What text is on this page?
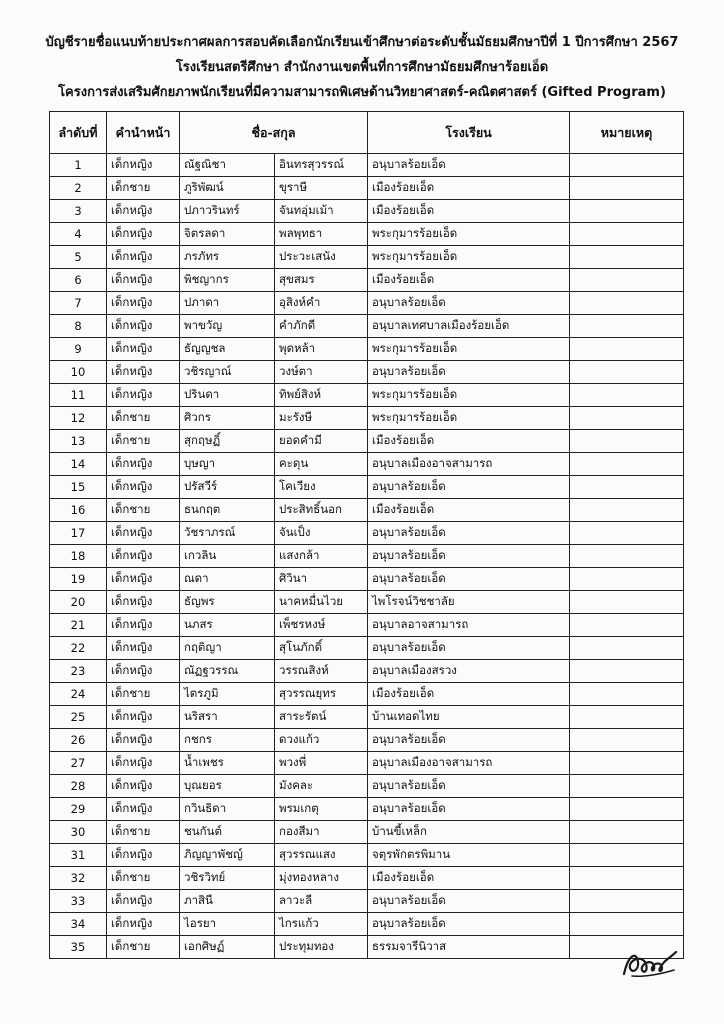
บัญชีรายชื่อแนบท้ายประกาศผลการสอบคัดเลือกนักเรียนเข้าศึกษาต่อระดับชั้นมัธยมศึกษาปีที่ 1 ปีการศึกษา 2567
โรงเรียนสตรีศึกษา สำนักงานเขตพื้นที่การศึกษามัธยมศึกษาร้อยเอ็ด
โครงการส่งเสริมศักยภาพนักเรียนที่มีความสามารถพิเศษด้านวิทยาศาสตร์-คณิตศาสตร์ (Gifted Program)
ลำดับที่	คำนำหน้า	ชื่อ-สกุล		โรงเรียน	หมายเหตุ
1	เด็กหญิง	ณัฐณิชา	อินทรสุวรรณ์	อนุบาลร้อยเอ็ด	
2	เด็กชาย	ภูริพัฒน์	ขุราษี	เมืองร้อยเอ็ด	
3	เด็กหญิง	ปภาวรินทร์	จันทอุ่มเม้า	เมืองร้อยเอ็ด	
4	เด็กหญิง	จิตรลดา	พลพุทธา	พระกุมารร้อยเอ็ด	
5	เด็กหญิง	ภรภัทร	ประวะเสนัง	พระกุมารร้อยเอ็ด	
6	เด็กหญิง	พิชญากร	สุขสมร	เมืองร้อยเอ็ด	
7	เด็กหญิง	ปภาดา	อุสิงห์คำ	อนุบาลร้อยเอ็ด	
8	เด็กหญิง	พาขวัญ	คำภักดี	อนุบาลเทศบาลเมืองร้อยเอ็ด	
9	เด็กหญิง	ธัญญชล	พุดหล้า	พระกุมารร้อยเอ็ด	
10	เด็กหญิง	วชิรญาณ์	วงษ์ตา	อนุบาลร้อยเอ็ด	
11	เด็กหญิง	ปรินดา	ทิพย์สิงห์	พระกุมารร้อยเอ็ด	
12	เด็กชาย	ศิวกร	มะรังษี	พระกุมารร้อยเอ็ด	
13	เด็กชาย	สุกฤษฏิ์	ยอดคำมี	เมืองร้อยเอ็ด	
14	เด็กหญิง	บุษญา	คะดุน	อนุบาลเมืองอาจสามารถ	
15	เด็กหญิง	ปรัสวีร์	โคเวียง	อนุบาลร้อยเอ็ด	
16	เด็กชาย	ธนกฤต	ประสิทธิ์นอก	เมืองร้อยเอ็ด	
17	เด็กหญิง	วัชราภรณ์	จันเป็ง	อนุบาลร้อยเอ็ด	
18	เด็กหญิง	เกวลิน	แสงกล้า	อนุบาลร้อยเอ็ด	
19	เด็กหญิง	ณดา	ศิวินา	อนุบาลร้อยเอ็ด	
20	เด็กหญิง	ธัญพร	นาคหมื่นไวย	ไพโรจน์วิชชาลัย	
21	เด็กหญิง	นภสร	เพ็ชรหงษ์	อนุบาลอาจสามารถ	
22	เด็กหญิง	กฤติญา	สุโนภักดิ์	อนุบาลร้อยเอ็ด	
23	เด็กหญิง	ณัฏฐวรรณ	วรรณสิงห์	อนุบาลเมืองสรวง	
24	เด็กชาย	ไตรภูมิ	สุวรรณยุทร	เมืองร้อยเอ็ด	
25	เด็กหญิง	นริสรา	สาระรัตน์	บ้านเทอดไทย	
26	เด็กหญิง	กชกร	ดวงแก้ว	อนุบาลร้อยเอ็ด	
27	เด็กหญิง	น้ำเพชร	พวงพี่	อนุบาลเมืองอาจสามารถ	
28	เด็กหญิง	บุณยอร	มังคละ	อนุบาลร้อยเอ็ด	
29	เด็กหญิง	กวินธิดา	พรมเกตุ	อนุบาลร้อยเอ็ด	
30	เด็กชาย	ชนกันต์	กองสีมา	บ้านขี้เหล็ก	
31	เด็กหญิง	ภิญญาพัชญ์	สุวรรณแสง	จตุรพักตรพิมาน	
32	เด็กชาย	วชิรวิทย์	มุ่งทองหลาง	เมืองร้อยเอ็ด	
33	เด็กหญิง	ภาสินี	ลาวะลี	อนุบาลร้อยเอ็ด	
34	เด็กหญิง	ไอรยา	ไกรแก้ว	อนุบาลร้อยเอ็ด	
35	เด็กชาย	เอกศิษฏ์	ประทุมทอง	ธรรมจารีนิวาส	
